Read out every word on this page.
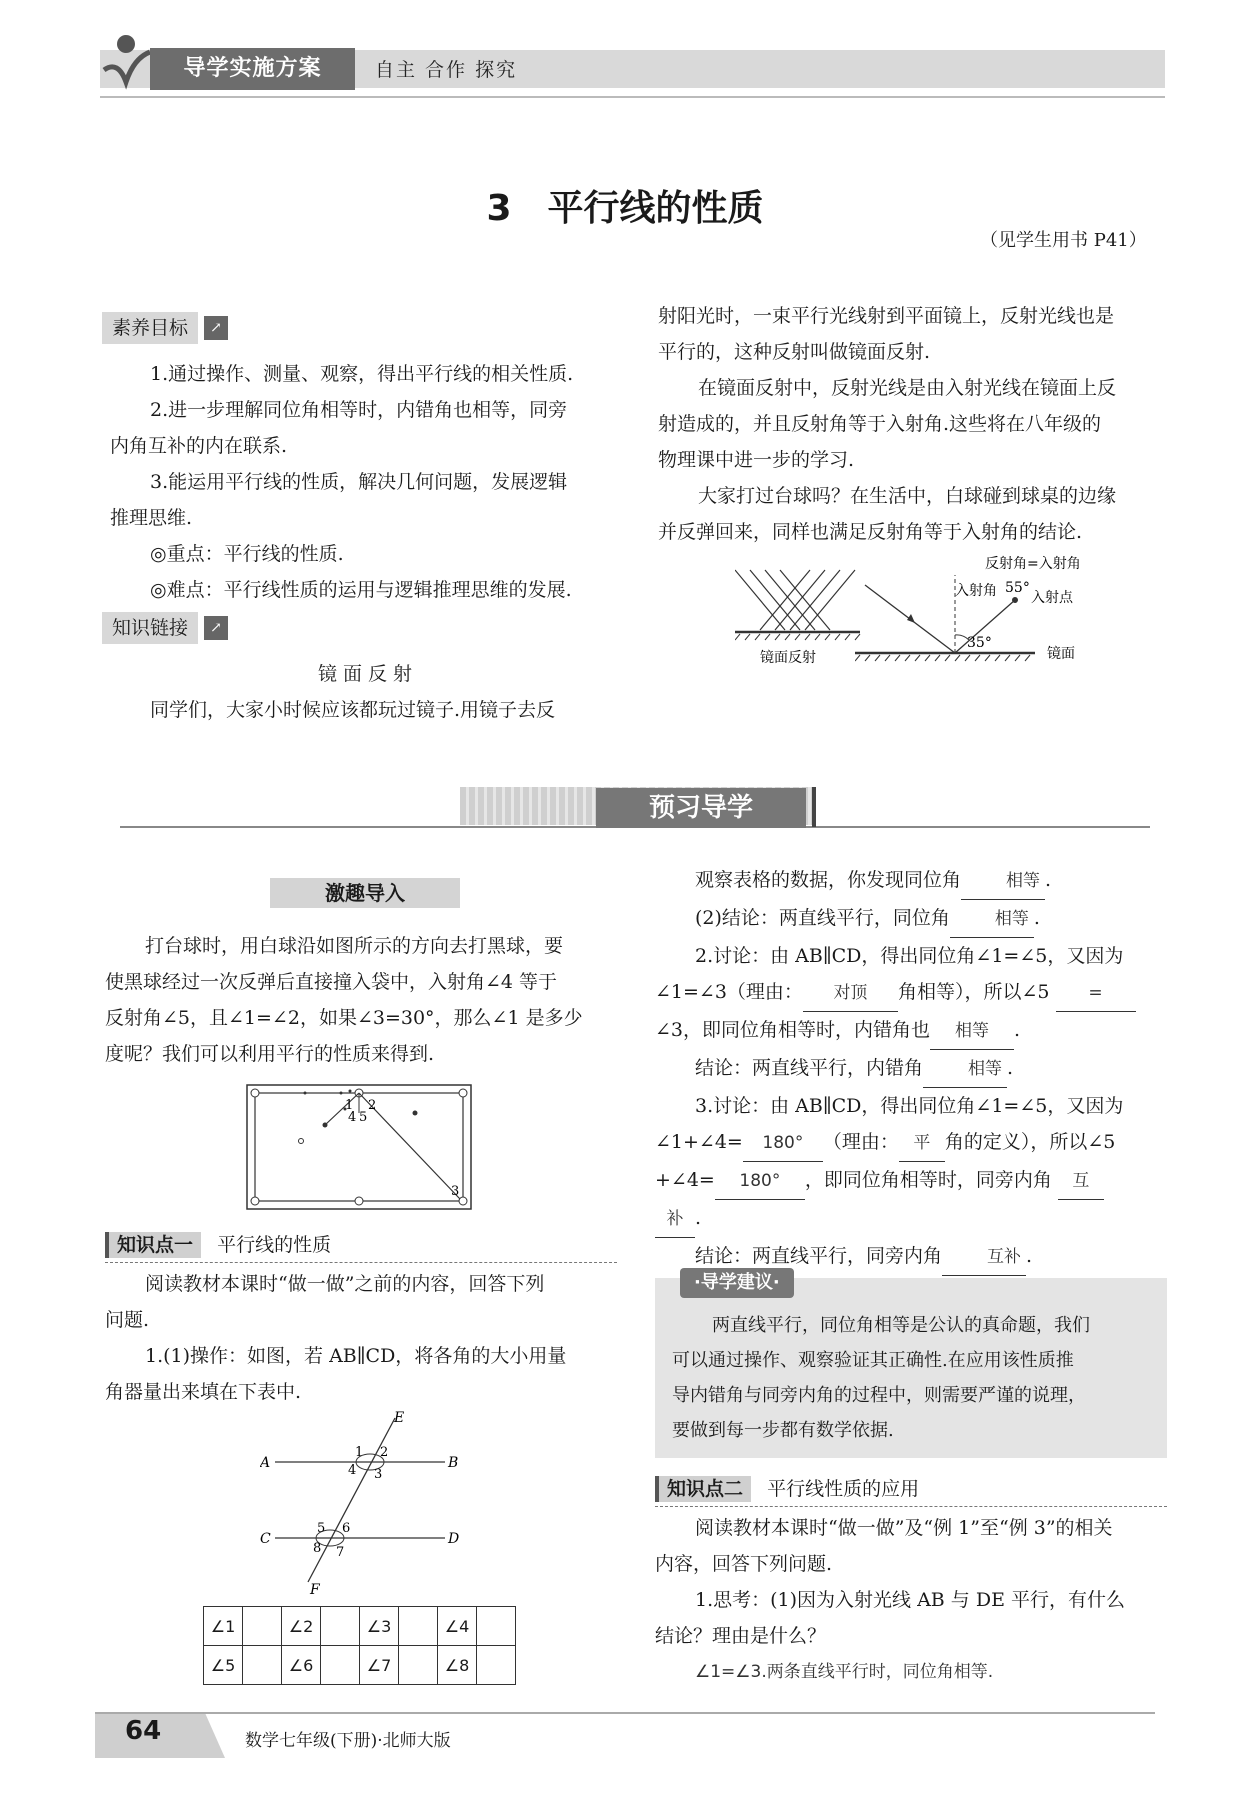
导学实施方案	自主 合作 探究
3　平行线的性质
（见学生用书 P41）
素养目标	↗

1.通过操作、测量、观察，得出平行线的相关性质.

2.进一步理解同位角相等时，内错角也相等，同旁

内角互补的内在联系.

3.能运用平行线的性质，解决几何问题，发展逻辑

推理思维.

◎重点：平行线的性质.

◎难点：平行线性质的运用与逻辑推理思维的发展.

知识链接	↗
镜 面 反 射
同学们，大家小时候应该都玩过镜子.用镜子去反

射阳光时，一束平行光线射到平面镜上，反射光线也是

平行的，这种反射叫做镜面反射.

在镜面反射中，反射光线是由入射光线在镜面上反

射造成的，并且反射角等于入射角.这些将在八年级的

物理课中进一步的学习.

大家打过台球吗？在生活中，白球碰到球桌的边缘

并反弹回来，同样也满足反射角等于入射角的结论.

镜面反射
反射角=入射角
入射角 55°
入射点
35°
镜面
预习导学
激趣导入

打台球时，用白球沿如图所示的方向去打黑球，要

使黑球经过一次反弹后直接撞入袋中，入射角∠4 等于

反射角∠5，且∠1=∠2，如果∠3=30°，那么∠1 是多少

度呢？我们可以利用平行的性质来得到.

1 2
4 5
3
知识点一 平行线的性质

阅读教材本课时“做一做”之前的内容，回答下列

问题.

1.(1)操作：如图，若 AB∥CD，将各角的大小用量

角器量出来填在下表中.

E
A	B
C	D
F
1 2
4 3
5 6
8 7
∠1		∠2		∠3		∠4	
∠5		∠6		∠7		∠8	

观察表格的数据，你发现同位角	相等 .

(2)结论：两直线平行，同位角	相等 .

2.讨论：由 AB∥CD，得出同位角∠1=∠5，又因为

∠1=∠3（理由： 对顶 角相等），所以∠5 =

∠3，即同位角相等时，内错角也 相等 .

结论：两直线平行，内错角	相等 .

3.讨论：由 AB∥CD，得出同位角∠1=∠5，又因为

∠1+∠4= 180° （理由： 平 角的定义），所以∠5

+∠4= 180° ，即同位角相等时，同旁内角 互

补 .

结论：两直线平行，同旁内角	互补 .

·导学建议·

两直线平行，同位角相等是公认的真命题，我们

可以通过操作、观察验证其正确性.在应用该性质推

导内错角与同旁内角的过程中，则需要严谨的说理，

要做到每一步都有数学依据.

知识点二 平行线性质的应用

阅读教材本课时“做一做”及“例 1”至“例 3”的相关

内容，回答下列问题.

1.思考：(1)因为入射光线 AB 与 DE 平行，有什么

结论？理由是什么？

∠1=∠3.两条直线平行时，同位角相等.

64	数学七年级(下册)·北师大版
